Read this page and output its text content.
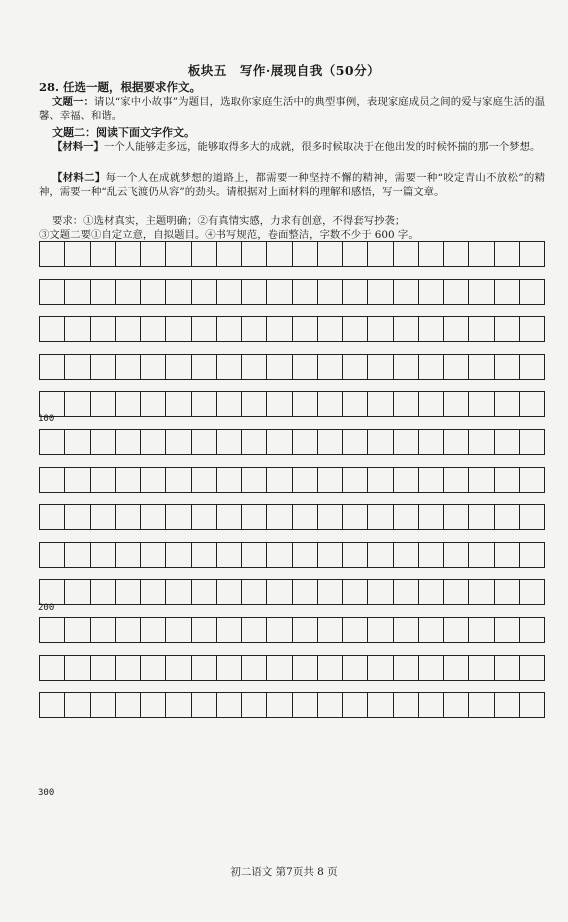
板块五　写作·展现自我（50分）
28. 任选一题，根据要求作文。
文题一：请以“家中小故事”为题目，选取你家庭生活中的典型事例，表现家庭成员之间的爱与家庭生活的温馨、幸福、和谐。
文题二：阅读下面文字作文。
【材料一】一个人能够走多远，能够取得多大的成就，很多时候取决于在他出发的时候怀揣的那一个梦想。
【材料二】每一个人在成就梦想的道路上，都需要一种坚持不懈的精神，需要一种“咬定青山不放松”的精神，需要一种“乱云飞渡仍从容”的劲头。请根据对上面材料的理解和感悟，写一篇文章。
要求：①选材真实，主题明确；②有真情实感，力求有创意，不得套写抄袭；
③文题二要①自定立意，自拟题目。④书写规范，卷面整洁，字数不少于 600 字。
100
200
300
初二语文 第7页共 8 页
